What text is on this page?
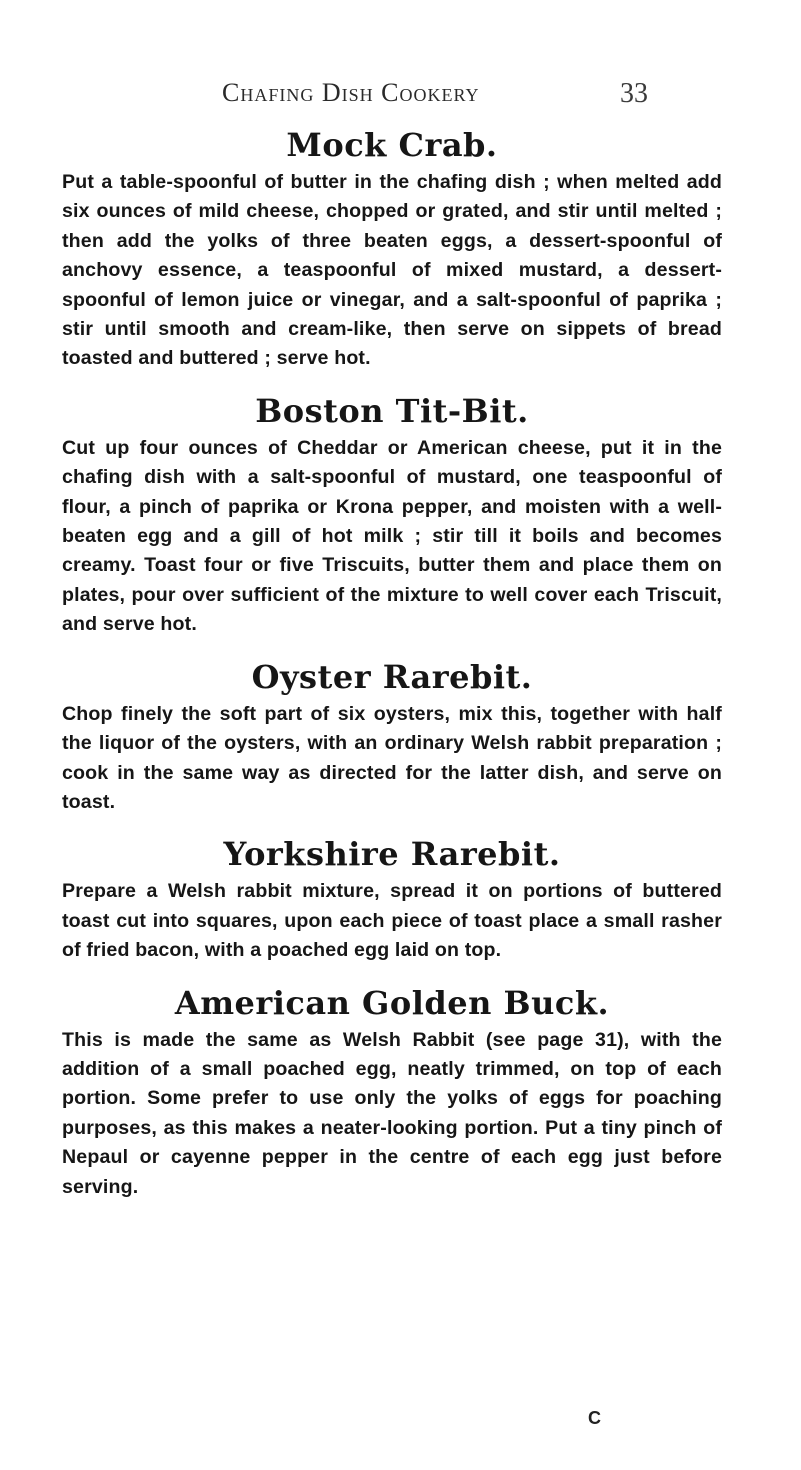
Chafing Dish Cookery	33
Mock Crab.

Put a table-spoonful of butter in the chafing dish ; when melted add six ounces of mild cheese, chopped or grated, and stir until melted ; then add the yolks of three beaten eggs, a dessert-spoonful of anchovy essence, a teaspoonful of mixed mustard, a dessert-spoonful of lemon juice or vinegar, and a salt-spoonful of paprika ; stir until smooth and cream-like, then serve on sippets of bread toasted and buttered ; serve hot.

Boston Tit-Bit.

Cut up four ounces of Cheddar or American cheese, put it in the chafing dish with a salt-spoonful of mustard, one teaspoonful of flour, a pinch of paprika or Krona pepper, and moisten with a well-beaten egg and a gill of hot milk ; stir till it boils and becomes creamy. Toast four or five Triscuits, butter them and place them on plates, pour over sufficient of the mixture to well cover each Triscuit, and serve hot.

Oyster Rarebit.

Chop finely the soft part of six oysters, mix this, together with half the liquor of the oysters, with an ordinary Welsh rabbit preparation ; cook in the same way as directed for the latter dish, and serve on toast.

Yorkshire Rarebit.

Prepare a Welsh rabbit mixture, spread it on portions of buttered toast cut into squares, upon each piece of toast place a small rasher of fried bacon, with a poached egg laid on top.

American Golden Buck.

This is made the same as Welsh Rabbit (see page 31), with the addition of a small poached egg, neatly trimmed, on top of each portion. Some prefer to use only the yolks of eggs for poaching purposes, as this makes a neater-looking portion. Put a tiny pinch of Nepaul or cayenne pepper in the centre of each egg just before serving.

C
